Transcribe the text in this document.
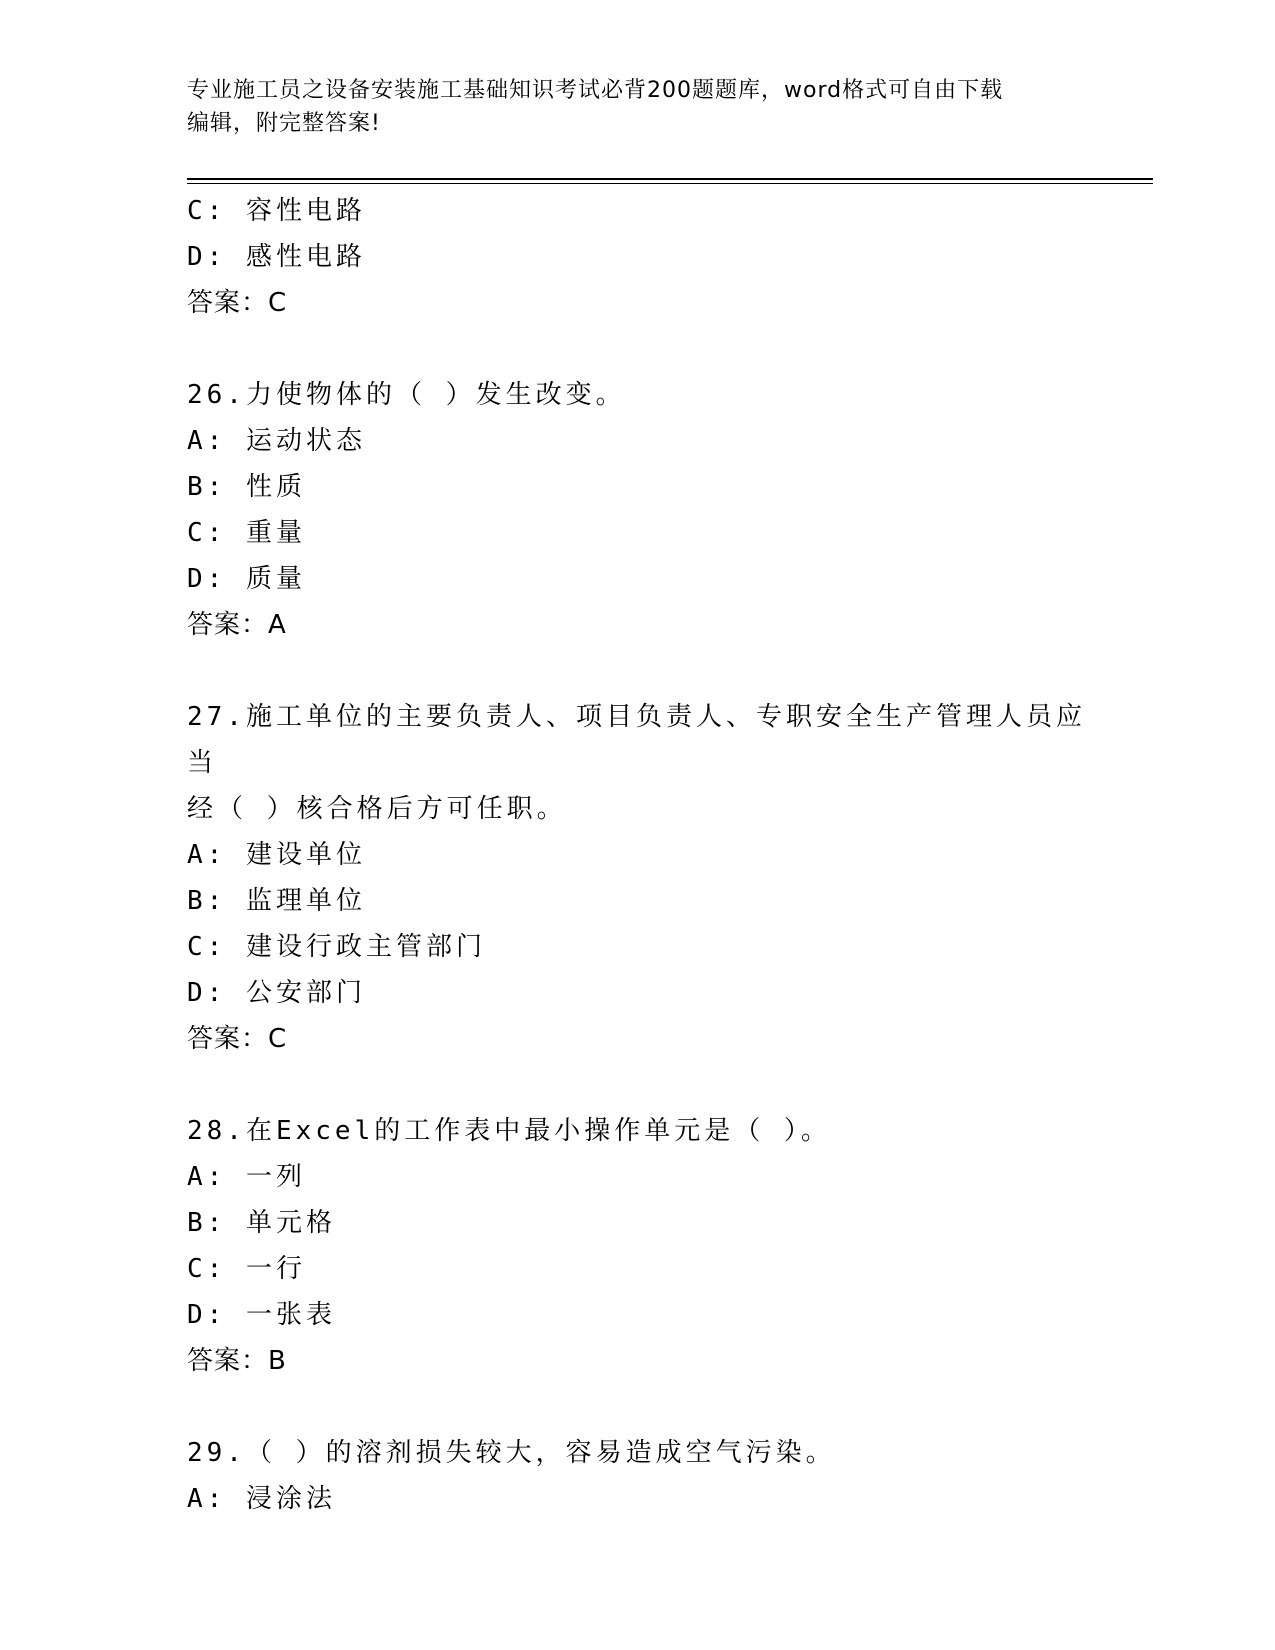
专业施工员之设备安装施工基础知识考试必背200题题库，word格式可自由下载
编辑，附完整答案!
C: 容性电路
D: 感性电路
答案：C
26.力使物体的（ ）发生改变。
A: 运动状态
B: 性质
C: 重量
D: 质量
答案：A
27.施工单位的主要负责人、项目负责人、专职安全生产管理人员应当
经（ ）核合格后方可任职。
A: 建设单位
B: 监理单位
C: 建设行政主管部门
D: 公安部门
答案：C
28.在Excel的工作表中最小操作单元是（ ）。
A: 一列
B: 单元格
C: 一行
D: 一张表
答案：B
29.（ ）的溶剂损失较大，容易造成空气污染。
A: 浸涂法
